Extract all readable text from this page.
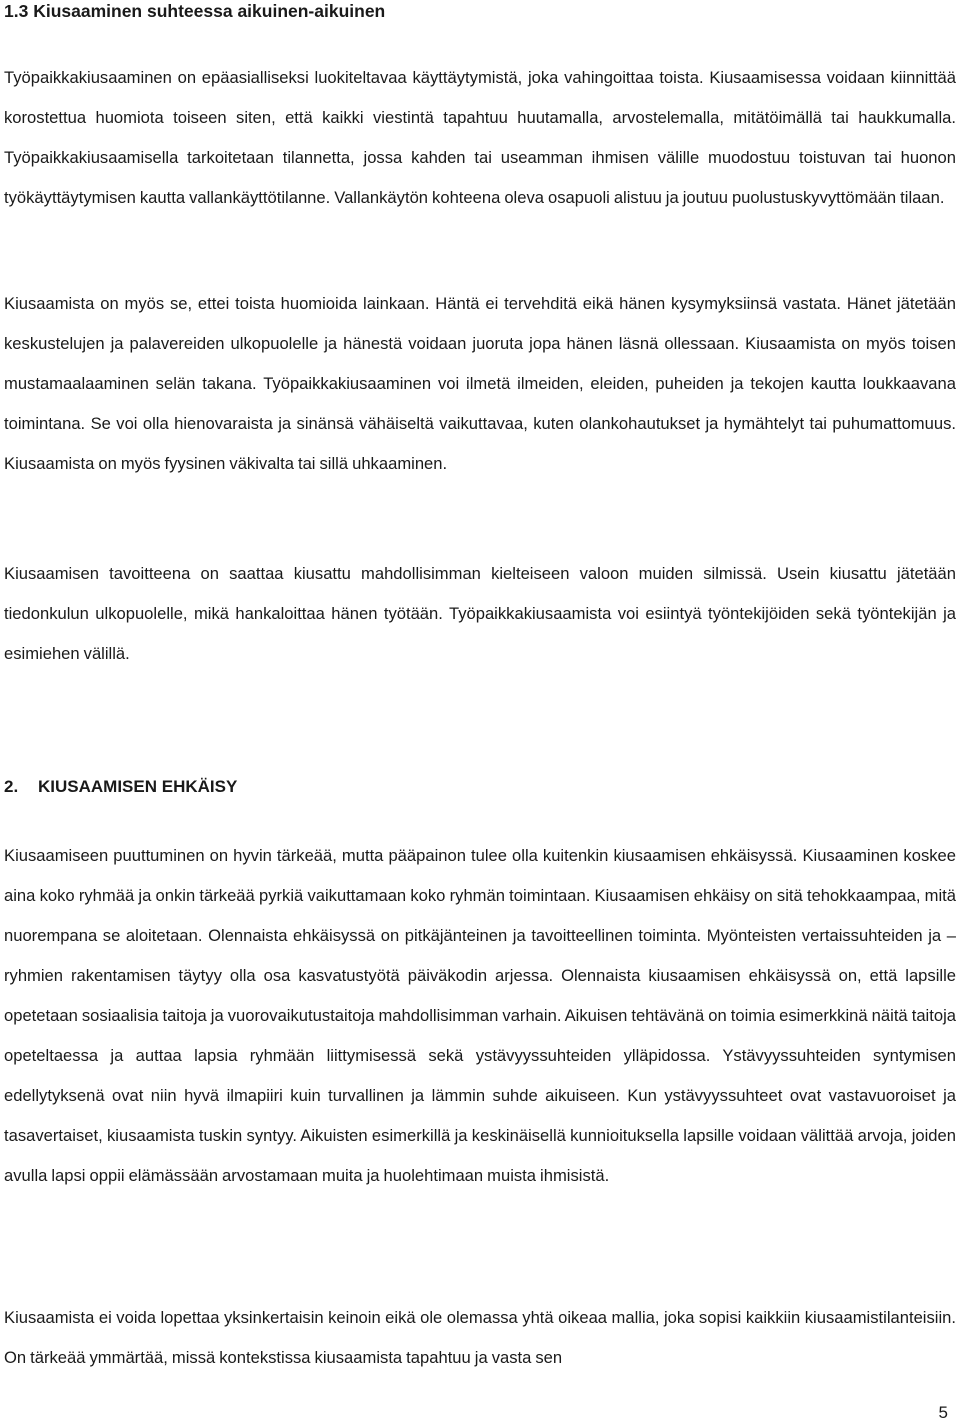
1.3 Kiusaaminen suhteessa aikuinen-aikuinen

Työpaikkakiusaaminen on epäasialliseksi luokiteltavaa käyttäytymistä, joka vahingoittaa toista. Kiusaamisessa voidaan kiinnittää korostettua huomiota toiseen siten, että kaikki viestintä tapahtuu huutamalla, arvostelemalla, mitätöimällä tai haukkumalla. Työpaikkakiusaamisella tarkoitetaan tilannetta, jossa kahden tai useamman ihmisen välille muodostuu toistuvan tai huonon työkäyttäytymisen kautta vallankäyttötilanne. Vallankäytön kohteena oleva osapuoli alistuu ja joutuu puolustuskyvyttömään tilaan.

Kiusaamista on myös se, ettei toista huomioida lainkaan. Häntä ei tervehditä eikä hänen kysymyksiinsä vastata. Hänet jätetään keskustelujen ja palavereiden ulkopuolelle ja hänestä voidaan juoruta jopa hänen läsnä ollessaan. Kiusaamista on myös toisen mustamaalaaminen selän takana. Työpaikkakiusaaminen voi ilmetä ilmeiden, eleiden, puheiden ja tekojen kautta loukkaavana toimintana. Se voi olla hienovaraista ja sinänsä vähäiseltä vaikuttavaa, kuten olankohautukset ja hymähtelyt tai puhumattomuus. Kiusaamista on myös fyysinen väkivalta tai sillä uhkaaminen.

Kiusaamisen tavoitteena on saattaa kiusattu mahdollisimman kielteiseen valoon muiden silmissä. Usein kiusattu jätetään tiedonkulun ulkopuolelle, mikä hankaloittaa hänen työtään. Työpaikkakiusaamista voi esiintyä työntekijöiden sekä työntekijän ja esimiehen välillä.

2. KIUSAAMISEN EHKÄISY

Kiusaamiseen puuttuminen on hyvin tärkeää, mutta pääpainon tulee olla kuitenkin kiusaamisen ehkäisyssä. Kiusaaminen koskee aina koko ryhmää ja onkin tärkeää pyrkiä vaikuttamaan koko ryhmän toimintaan. Kiusaamisen ehkäisy on sitä tehokkaampaa, mitä nuorempana se aloitetaan. Olennaista ehkäisyssä on pitkäjänteinen ja tavoitteellinen toiminta. Myönteisten vertaissuhteiden ja –ryhmien rakentamisen täytyy olla osa kasvatustyötä päiväkodin arjessa. Olennaista kiusaamisen ehkäisyssä on, että lapsille opetetaan sosiaalisia taitoja ja vuorovaikutustaitoja mahdollisimman varhain. Aikuisen tehtävänä on toimia esimerkkinä näitä taitoja opeteltaessa ja auttaa lapsia ryhmään liittymisessä sekä ystävyyssuhteiden ylläpidossa. Ystävyyssuhteiden syntymisen edellytyksenä ovat niin hyvä ilmapiiri kuin turvallinen ja lämmin suhde aikuiseen. Kun ystävyyssuhteet ovat vastavuoroiset ja tasavertaiset, kiusaamista tuskin syntyy. Aikuisten esimerkillä ja keskinäisellä kunnioituksella lapsille voidaan välittää arvoja, joiden avulla lapsi oppii elämässään arvostamaan muita ja huolehtimaan muista ihmisistä.

Kiusaamista ei voida lopettaa yksinkertaisin keinoin eikä ole olemassa yhtä oikeaa mallia, joka sopisi kaikkiin kiusaamistilanteisiin. On tärkeää ymmärtää, missä kontekstissa kiusaamista tapahtuu ja vasta sen

5
